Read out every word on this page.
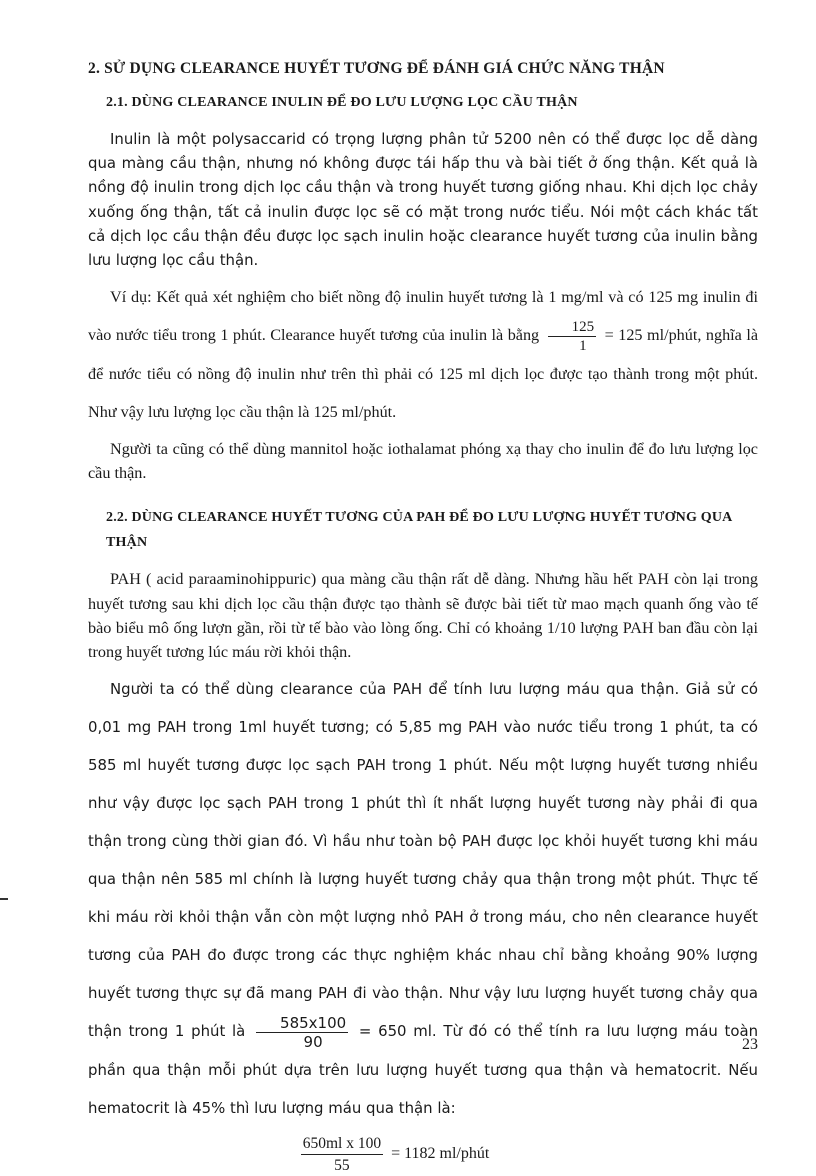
2. SỬ DỤNG CLEARANCE HUYẾT TƯƠNG ĐỂ ĐÁNH GIÁ CHỨC NĂNG THẬN
2.1. DÙNG CLEARANCE INULIN ĐỂ ĐO LƯU LƯỢNG LỌC CẦU THẬN

Inulin là một polysaccarid có trọng lượng phân tử 5200 nên có thể được lọc dễ dàng qua màng cầu thận, nhưng nó không được tái hấp thu và bài tiết ở ống thận. Kết quả là nồng độ inulin trong dịch lọc cầu thận và trong huyết tương giống nhau. Khi dịch lọc chảy xuống ống thận, tất cả inulin được lọc sẽ có mặt trong nước tiểu. Nói một cách khác tất cả dịch lọc cầu thận đều được lọc sạch inulin hoặc clearance huyết tương của inulin bằng lưu lượng lọc cầu thận.

Ví dụ: Kết quả xét nghiệm cho biết nồng độ inulin huyết tương là 1 mg/ml và có 125 mg inulin đi vào nước tiểu trong 1 phút. Clearance huyết tương của inulin là bằng $\frac{125}{1} = 125$ ml/phút, nghĩa là để nước tiểu có nồng độ inulin như trên thì phải có 125 ml dịch lọc được tạo thành trong một phút. Như vậy lưu lượng lọc cầu thận là 125 ml/phút.

Người ta cũng có thể dùng mannitol hoặc iothalamat phóng xạ thay cho inulin để đo lưu lượng lọc cầu thận.

2.2. DÙNG CLEARANCE HUYẾT TƯƠNG CỦA PAH ĐỂ ĐO LƯU LƯỢNG HUYẾT TƯƠNG QUA THẬN

PAH ( acid paraaminohippuric) qua màng cầu thận rất dễ dàng. Nhưng hầu hết PAH còn lại trong huyết tương sau khi dịch lọc cầu thận được tạo thành sẽ được bài tiết từ mao mạch quanh ống vào tế bào biểu mô ống lượn gần, rồi từ tế bào vào lòng ống. Chỉ có khoảng 1/10 lượng PAH ban đầu còn lại trong huyết tương lúc máu rời khỏi thận.

Người ta có thể dùng clearance của PAH để tính lưu lượng máu qua thận. Giả sử có 0,01 mg PAH trong 1ml huyết tương; có 5,85 mg PAH vào nước tiểu trong 1 phút, ta có 585 ml huyết tương được lọc sạch PAH trong 1 phút. Nếu một lượng huyết tương nhiều như vậy được lọc sạch PAH trong 1 phút thì ít nhất lượng huyết tương này phải đi qua thận trong cùng thời gian đó. Vì hầu như toàn bộ PAH được lọc khỏi huyết tương khi máu qua thận nên 585 ml chính là lượng huyết tương chảy qua thận trong một phút. Thực tế khi máu rời khỏi thận vẫn còn một lượng nhỏ PAH ở trong máu, cho nên clearance huyết tương của PAH đo được trong các thực nghiệm khác nhau chỉ bằng khoảng 90% lượng huyết tương thực sự đã mang PAH đi vào thận. Như vậy lưu lượng huyết tương chảy qua thận trong 1 phút là $\frac{585x100}{90} = 650$ ml. Từ đó có thể tính ra lưu lượng máu toàn phần qua thận mỗi phút dựa trên lưu lượng huyết tương qua thận và hematocrit. Nếu hematocrit là 45% thì lưu lượng máu qua thận là:

$\frac{\text{650ml x 100}}{55} = 1182$ ml/phút
23
